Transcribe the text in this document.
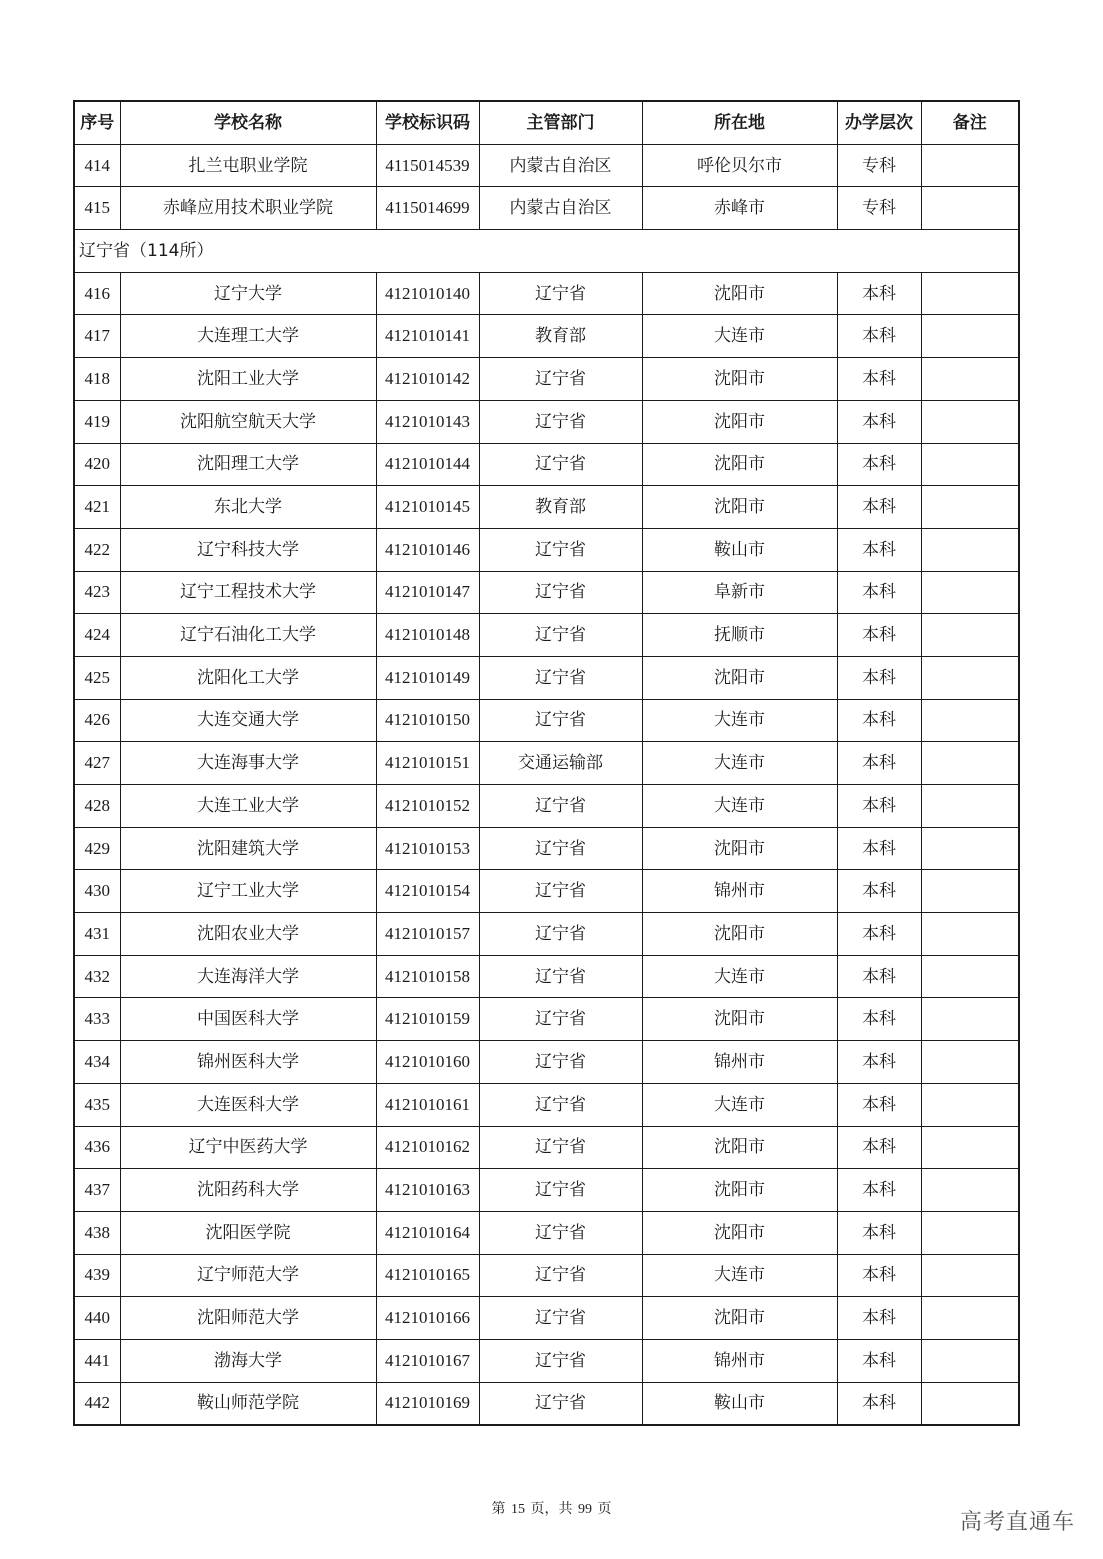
序号	学校名称	学校标识码	主管部门	所在地	办学层次	备注
414	扎兰屯职业学院	4115014539	内蒙古自治区	呼伦贝尔市	专科	
415	赤峰应用技术职业学院	4115014699	内蒙古自治区	赤峰市	专科	
辽宁省（114所）						
416	辽宁大学	4121010140	辽宁省	沈阳市	本科	
417	大连理工大学	4121010141	教育部	大连市	本科	
418	沈阳工业大学	4121010142	辽宁省	沈阳市	本科	
419	沈阳航空航天大学	4121010143	辽宁省	沈阳市	本科	
420	沈阳理工大学	4121010144	辽宁省	沈阳市	本科	
421	东北大学	4121010145	教育部	沈阳市	本科	
422	辽宁科技大学	4121010146	辽宁省	鞍山市	本科	
423	辽宁工程技术大学	4121010147	辽宁省	阜新市	本科	
424	辽宁石油化工大学	4121010148	辽宁省	抚顺市	本科	
425	沈阳化工大学	4121010149	辽宁省	沈阳市	本科	
426	大连交通大学	4121010150	辽宁省	大连市	本科	
427	大连海事大学	4121010151	交通运输部	大连市	本科	
428	大连工业大学	4121010152	辽宁省	大连市	本科	
429	沈阳建筑大学	4121010153	辽宁省	沈阳市	本科	
430	辽宁工业大学	4121010154	辽宁省	锦州市	本科	
431	沈阳农业大学	4121010157	辽宁省	沈阳市	本科	
432	大连海洋大学	4121010158	辽宁省	大连市	本科	
433	中国医科大学	4121010159	辽宁省	沈阳市	本科	
434	锦州医科大学	4121010160	辽宁省	锦州市	本科	
435	大连医科大学	4121010161	辽宁省	大连市	本科	
436	辽宁中医药大学	4121010162	辽宁省	沈阳市	本科	
437	沈阳药科大学	4121010163	辽宁省	沈阳市	本科	
438	沈阳医学院	4121010164	辽宁省	沈阳市	本科	
439	辽宁师范大学	4121010165	辽宁省	大连市	本科	
440	沈阳师范大学	4121010166	辽宁省	沈阳市	本科	
441	渤海大学	4121010167	辽宁省	锦州市	本科	
442	鞍山师范学院	4121010169	辽宁省	鞍山市	本科	
第 15 页，共 99 页
高考直通车
